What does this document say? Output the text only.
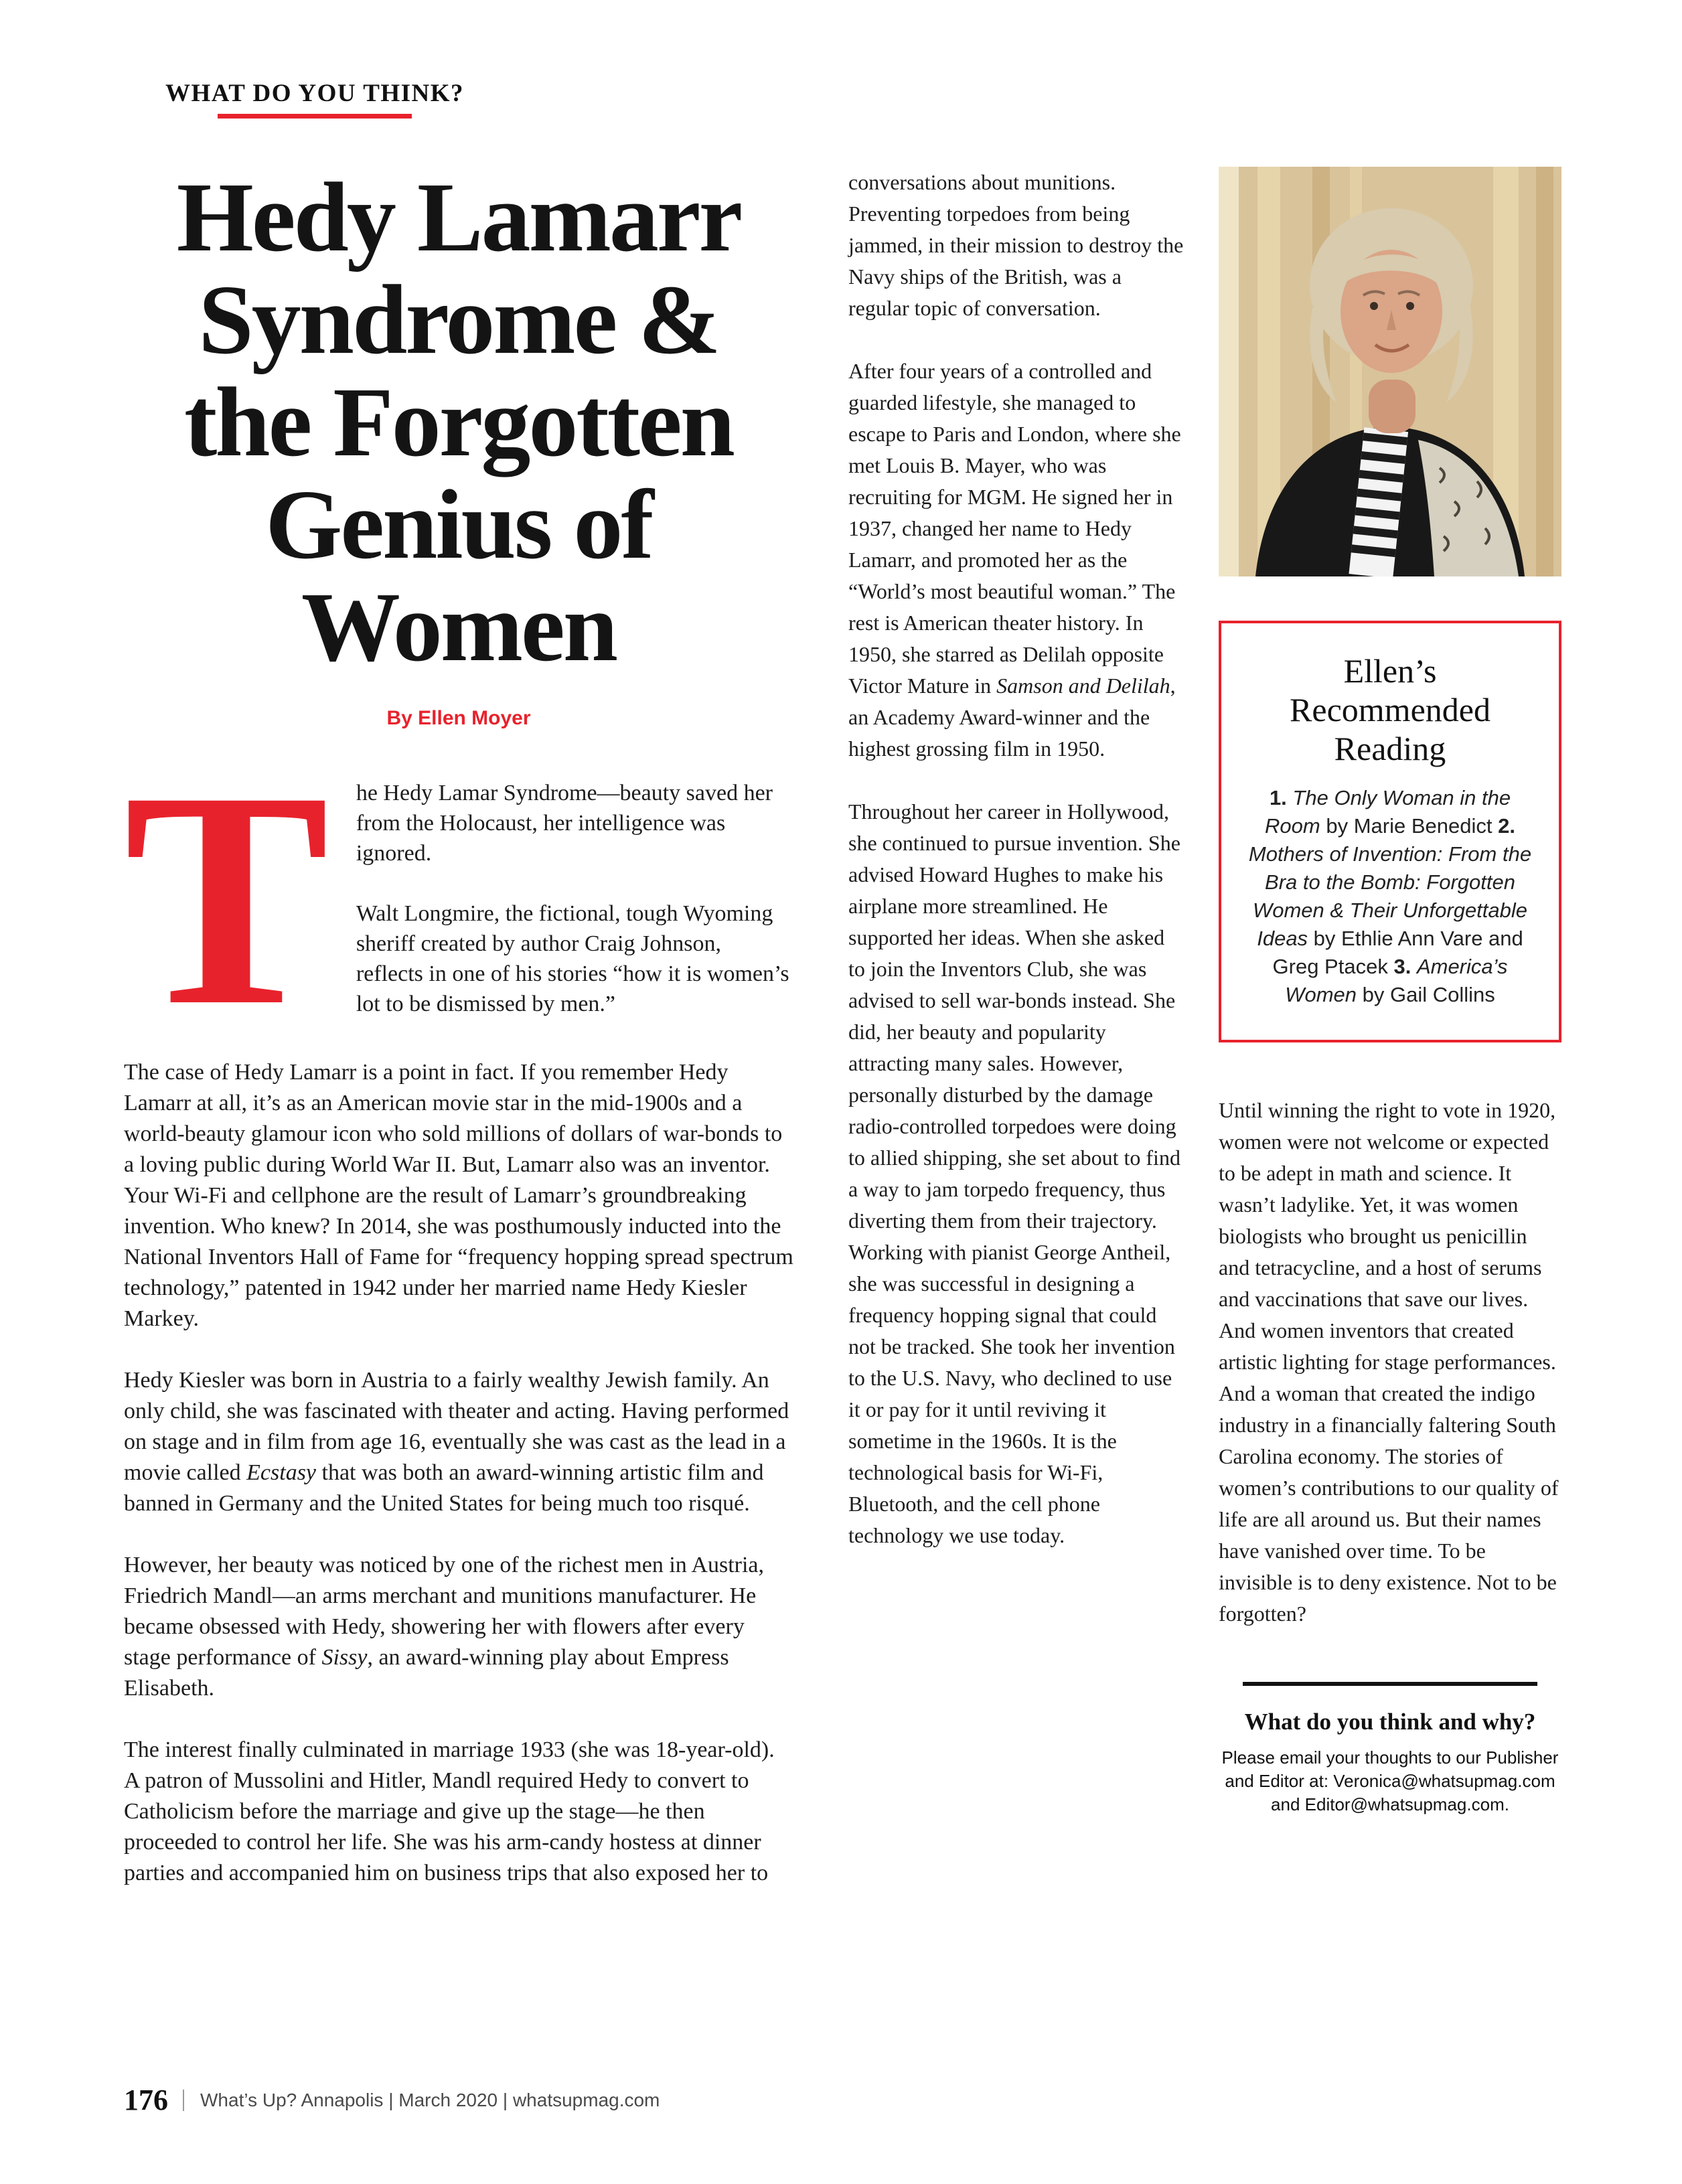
WHAT DO YOU THINK?
Hedy Lamarr
Syndrome &
the Forgotten
Genius of
Women
By Ellen Moyer
T	he Hedy Lamar Syndrome—beauty saved her from the Holocaust, her intelligence was ignored.

Walt Longmire, the fictional, tough Wyoming sheriff created by author Craig Johnson, reflects in one of his stories “how it is women’s lot to be dismissed by men.”

The case of Hedy Lamarr is a point in fact. If you remember Hedy Lamarr at all, it’s as an American movie star in the mid-1900s and a world-beauty glamour icon who sold millions of dollars of war-bonds to a loving public during World War II. But, Lamarr also was an inventor. Your Wi-Fi and cellphone are the result of Lamarr’s groundbreaking invention. Who knew? In 2014, she was posthumously inducted into the National Inventors Hall of Fame for “frequency hopping spread spectrum technology,” patented in 1942 under her married name Hedy Kiesler Markey.

Hedy Kiesler was born in Austria to a fairly wealthy Jewish family. An only child, she was fascinated with theater and acting. Having performed on stage and in film from age 16, eventually she was cast as the lead in a movie called Ecstasy that was both an award-winning artistic film and banned in Germany and the United States for being much too risqué.

However, her beauty was noticed by one of the richest men in Austria, Friedrich Mandl—an arms merchant and munitions manufacturer. He became obsessed with Hedy, showering her with flowers after every stage performance of Sissy, an award-winning play about Empress Elisabeth.

The interest finally culminated in marriage 1933 (she was 18-year-old). A patron of Mussolini and Hitler, Mandl required Hedy to convert to Catholicism before the marriage and give up the stage—he then proceeded to control her life. She was his arm-candy hostess at dinner parties and accompanied him on business trips that also exposed her to

conversations about munitions. Preventing torpedoes from being jammed, in their mission to destroy the Navy ships of the British, was a regular topic of conversation.

After four years of a controlled and guarded lifestyle, she managed to escape to Paris and London, where she met Louis B. Mayer, who was recruiting for MGM. He signed her in 1937, changed her name to Hedy Lamarr, and promoted her as the “World’s most beautiful woman.” The rest is American theater history. In 1950, she starred as Delilah opposite Victor Mature in Samson and Delilah, an Academy Award-winner and the highest grossing film in 1950.

Throughout her career in Hollywood, she continued to pursue invention. She advised Howard Hughes to make his airplane more streamlined. He supported her ideas. When she asked to join the Inventors Club, she was advised to sell war-bonds instead. She did, her beauty and popularity attracting many sales. However, personally disturbed by the damage radio-controlled torpedoes were doing to allied shipping, she set about to find a way to jam torpedo frequency, thus diverting them from their trajectory. Working with pianist George Antheil, she was successful in designing a frequency hopping signal that could not be tracked. She took her invention to the U.S. Navy, who declined to use it or pay for it until reviving it sometime in the 1960s. It is the technological basis for Wi-Fi, Bluetooth, and the cell phone technology we use today.

Ellen’s
Recommended
Reading
1. The Only Woman in the Room by Marie Benedict 2. Mothers of Invention: From the Bra to the Bomb: Forgotten Women & Their Unforgettable Ideas by Ethlie Ann Vare and Greg Ptacek 3. America’s Women by Gail Collins

Until winning the right to vote in 1920, women were not welcome or expected to be adept in math and science. It wasn’t ladylike. Yet, it was women biologists who brought us penicillin and tetracycline, and a host of serums and vaccinations that save our lives. And women inventors that created artistic lighting for stage performances. And a woman that created the indigo industry in a financially faltering South Carolina economy. The stories of women’s contributions to our quality of life are all around us. But their names have vanished over time. To be invisible is to deny existence. Not to be forgotten?

What do you think and why?
Please email your thoughts to our Publisher and Editor at: Veronica@whatsupmag.com and Editor@whatsupmag.com.
176	What’s Up? Annapolis | March 2020 | whatsupmag.com
